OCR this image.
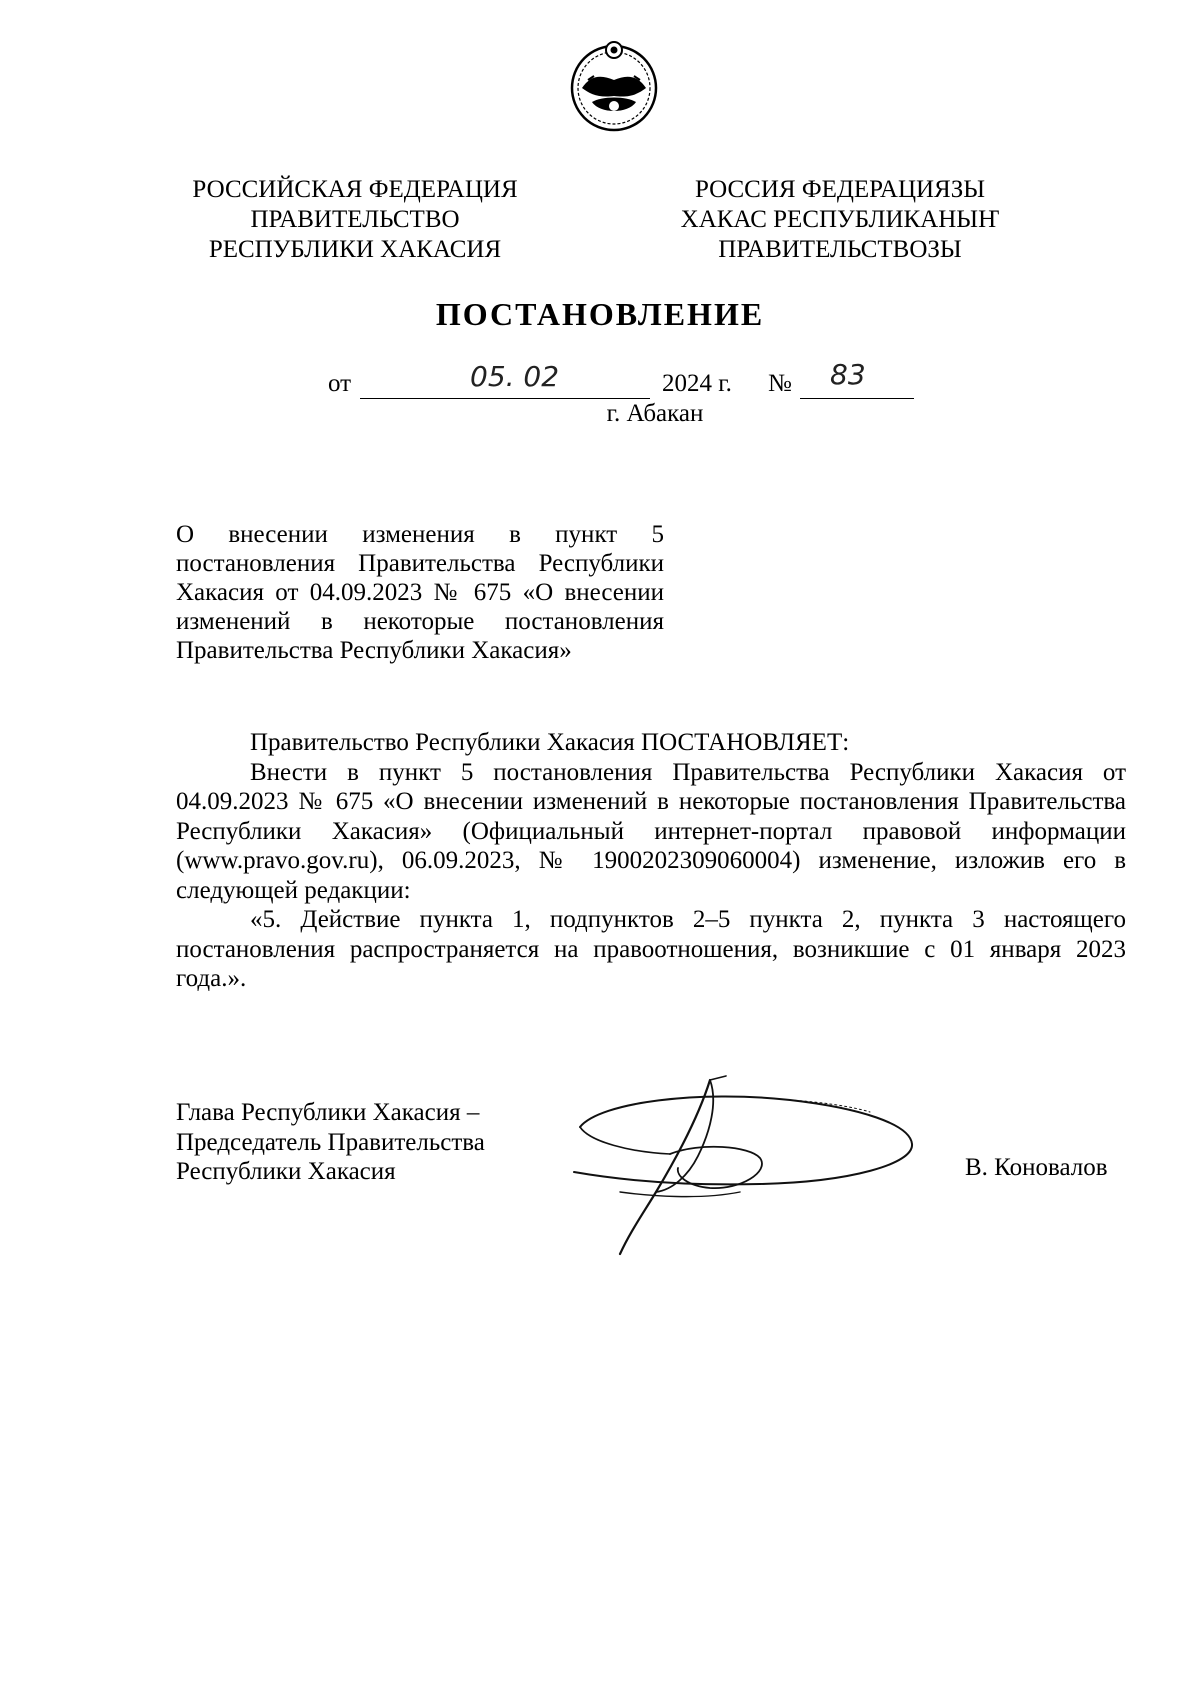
РОССИЙСКАЯ ФЕДЕРАЦИЯ
ПРАВИТЕЛЬСТВО
РЕСПУБЛИКИ ХАКАСИЯ
РОССИЯ ФЕДЕРАЦИЯЗЫ
ХАКАС РЕСПУБЛИКАНЫҤ
ПРАВИТЕЛЬСТВОЗЫ
ПОСТАНОВЛЕНИЕ
от	05. 02	2024 г. № 83
г. Абакан
О внесении изменения в пункт 5 постановления Правительства Республики Хакасия от 04.09.2023 № 675 «О внесении изменений в некоторые постановления Правительства Республики Хакасия»

Правительство Республики Хакасия ПОСТАНОВЛЯЕТ:

Внести в пункт 5 постановления Правительства Республики Хакасия от 04.09.2023 № 675 «О внесении изменений в некоторые постановления Правительства Республики Хакасия» (Официальный интернет-портал правовой информации (www.pravo.gov.ru), 06.09.2023, № 1900202309060004) изменение, изложив его в следующей редакции:

«5. Действие пункта 1, подпунктов 2–5 пункта 2, пункта 3 настоящего постановления распространяется на правоотношения, возникшие с 01 января 2023 года.».

Глава Республики Хакасия –
Председатель Правительства
Республики Хакасия	В. Коновалов
